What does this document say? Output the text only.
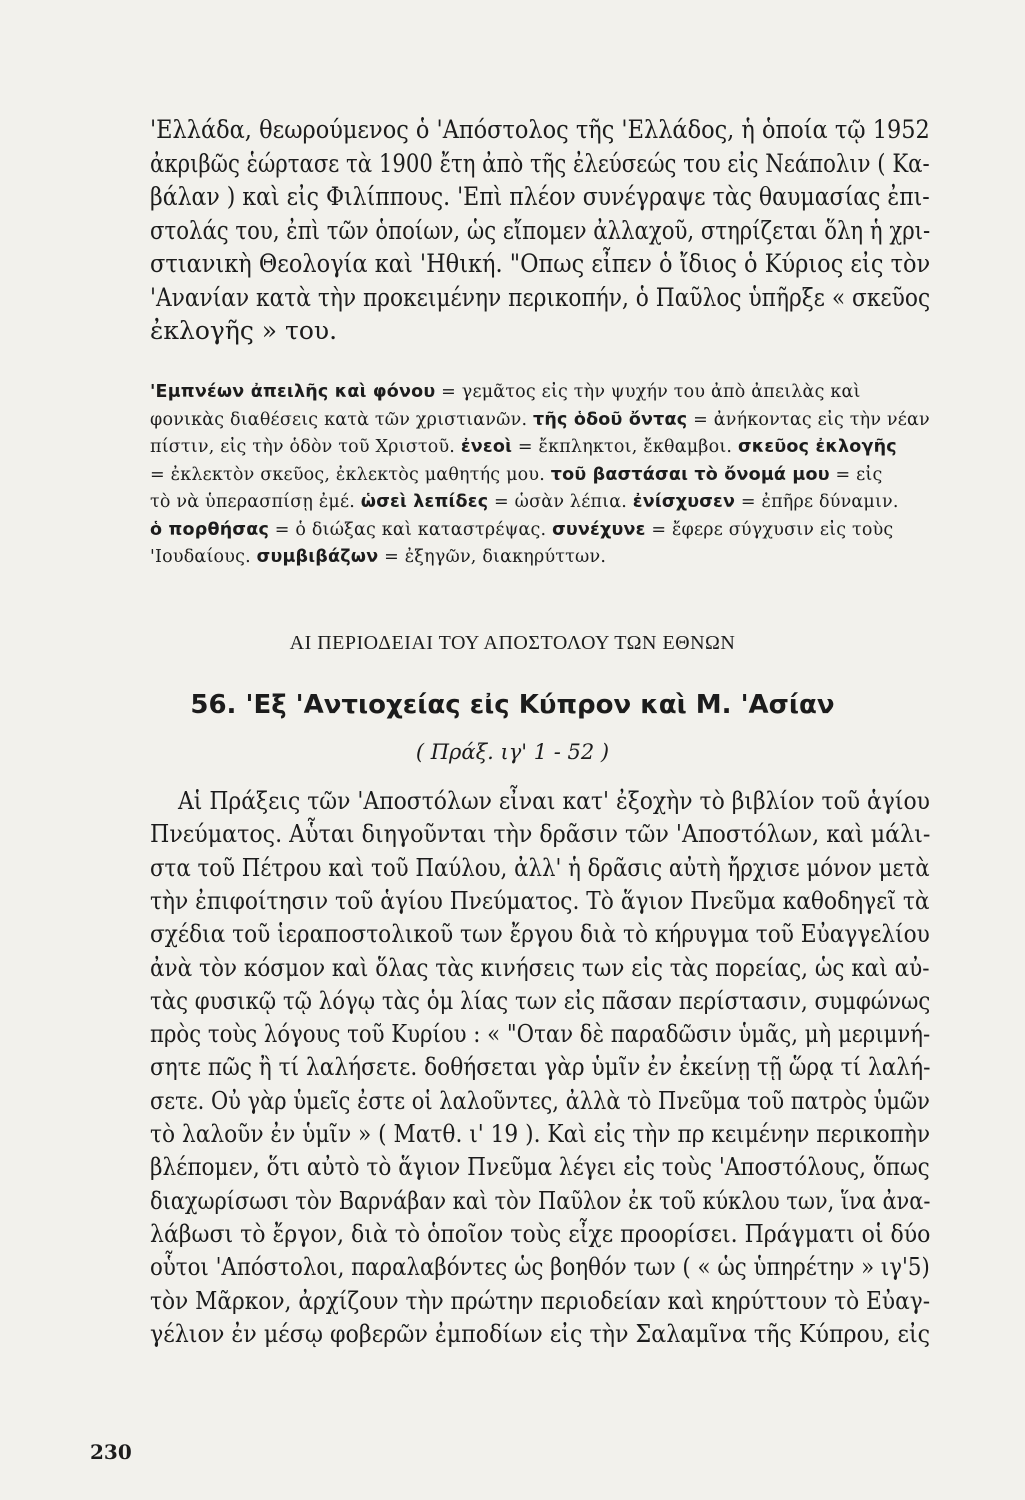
'Ελλάδα, θεωρούμενος ὁ 'Απόστολος τῆς 'Ελλάδος, ἡ ὁποία τῷ 1952
ἀκριβῶς ἑώρτασε τὰ 1900 ἔτη ἀπὸ τῆς ἐλεύσεώς του εἰς Νεάπολιν ( Κα-
βάλαν ) καὶ εἰς Φιλίππους. 'Επὶ πλέον συνέγραψε τὰς θαυμασίας ἐπι-
στολάς του, ἐπὶ τῶν ὁποίων, ὡς εἴπομεν ἀλλαχοῦ, στηρίζεται ὅλη ἡ χρι-
στιανικὴ Θεολογία καὶ 'Ηθική. "Οπως εἶπεν ὁ ἴδιος ὁ Κύριος εἰς τὸν
'Ανανίαν κατὰ τὴν προκειμένην περικοπήν, ὁ Παῦλος ὑπῆρξε « σκεῦος
ἐκλογῆς » του.
'Εμπνέων ἀπειλῆς καὶ φόνου = γεμᾶτος εἰς τὴν ψυχήν του ἀπὸ ἀπειλὰς καὶ
φονικὰς διαθέσεις κατὰ τῶν χριστιανῶν. τῆς ὁδοῦ ὄντας = ἀνήκοντας εἰς τὴν νέαν
πίστιν, εἰς τὴν ὁδὸν τοῦ Χριστοῦ. ἐνεοὶ = ἔκπληκτοι, ἔκθαμβοι. σκεῦος ἐκλογῆς
= ἐκλεκτὸν σκεῦος, ἐκλεκτὸς μαθητής μου. τοῦ βαστάσαι τὸ ὄνομά μου = εἰς
τὸ νὰ ὑπερασπίσῃ ἐμέ. ὡσεὶ λεπίδες = ὡσὰν λέπια. ἐνίσχυσεν = ἐπῆρε δύναμιν.
ὁ πορθήσας = ὁ διώξας καὶ καταστρέψας. συνέχυνε = ἔφερε σύγχυσιν εἰς τοὺς
'Ιουδαίους. συμβιβάζων = ἐξηγῶν, διακηρύττων.
ΑΙ ΠΕΡΙΟΔΕΙΑΙ ΤΟΥ ΑΠΟΣΤΟΛΟΥ ΤΩΝ ΕΘΝΩΝ
56. 'Εξ 'Αντιοχείας εἰς Κύπρον καὶ Μ. 'Ασίαν
( Πράξ. ιγ' 1 - 52 )
Αἱ Πράξεις τῶν 'Αποστόλων εἶναι κατ' ἐξοχὴν τὸ βιβλίον τοῦ ἁγίου
Πνεύματος. Αὗται διηγοῦνται τὴν δρᾶσιν τῶν 'Αποστόλων, καὶ μάλι-
στα τοῦ Πέτρου καὶ τοῦ Παύλου, ἀλλ' ἡ δρᾶσις αὐτὴ ἤρχισε μόνον μετὰ
τὴν ἐπιφοίτησιν τοῦ ἁγίου Πνεύματος. Τὸ ἅγιον Πνεῦμα καθοδηγεῖ τὰ
σχέδια τοῦ ἱεραποστολικοῦ των ἔργου διὰ τὸ κήρυγμα τοῦ Εὐαγγελίου
ἀνὰ τὸν κόσμον καὶ ὅλας τὰς κινήσεις των εἰς τὰς πορείας, ὡς καὶ αὐ-
τὰς φυσικῷ τῷ λόγῳ τὰς ὁμ λίας των εἰς πᾶσαν περίστασιν, συμφώνως
πρὸς τοὺς λόγους τοῦ Κυρίου : « "Οταν δὲ παραδῶσιν ὑμᾶς, μὴ μεριμνή-
σητε πῶς ἢ τί λαλήσετε. δοθήσεται γὰρ ὑμῖν ἐν ἐκείνῃ τῇ ὥρᾳ τί λαλή-
σετε. Οὐ γὰρ ὑμεῖς ἐστε οἱ λαλοῦντες, ἀλλὰ τὸ Πνεῦμα τοῦ πατρὸς ὑμῶν
τὸ λαλοῦν ἐν ὑμῖν » ( Ματθ. ι' 19 ). Καὶ εἰς τὴν πρ κειμένην περικοπὴν
βλέπομεν, ὅτι αὐτὸ τὸ ἅγιον Πνεῦμα λέγει εἰς τοὺς 'Αποστόλους, ὅπως
διαχωρίσωσι τὸν Βαρνάβαν καὶ τὸν Παῦλον ἐκ τοῦ κύκλου των, ἵνα ἀνα-
λάβωσι τὸ ἔργον, διὰ τὸ ὁποῖον τοὺς εἶχε προορίσει. Πράγματι οἱ δύο
οὗτοι 'Απόστολοι, παραλαβόντες ὡς βοηθόν των ( « ὡς ὑπηρέτην » ιγ'5)
τὸν Μᾶρκον, ἀρχίζουν τὴν πρώτην περιοδείαν καὶ κηρύττουν τὸ Εὐαγ-
γέλιον ἐν μέσῳ φοβερῶν ἐμποδίων εἰς τὴν Σαλαμῖνα τῆς Κύπρου, εἰς
230
